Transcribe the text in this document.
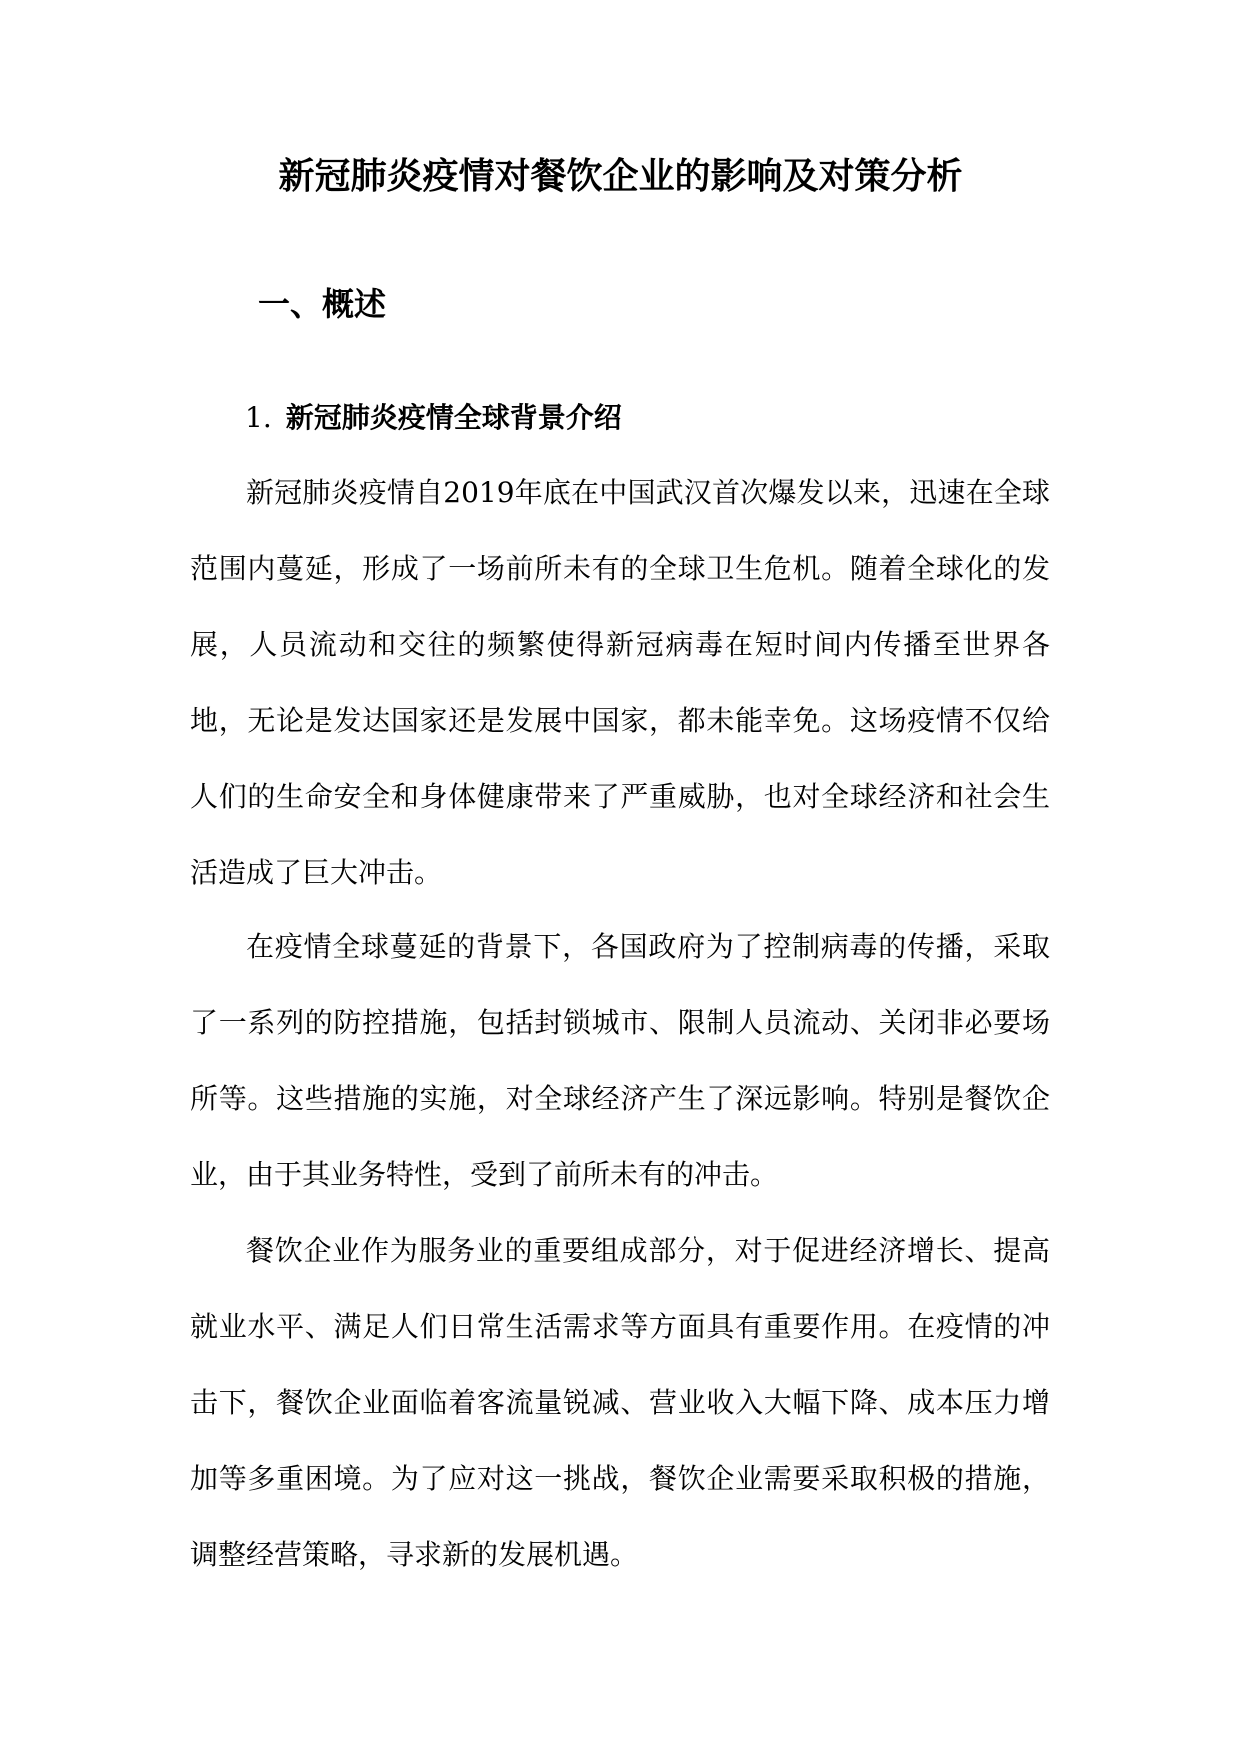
新冠肺炎疫情对餐饮企业的影响及对策分析
一、概述
1. 新冠肺炎疫情全球背景介绍

新冠肺炎疫情自2019年底在中国武汉首次爆发以来，迅速在全球范围内蔓延，形成了一场前所未有的全球卫生危机。随着全球化的发展，人员流动和交往的频繁使得新冠病毒在短时间内传播至世界各地，无论是发达国家还是发展中国家，都未能幸免。这场疫情不仅给人们的生命安全和身体健康带来了严重威胁，也对全球经济和社会生活造成了巨大冲击。

在疫情全球蔓延的背景下，各国政府为了控制病毒的传播，采取了一系列的防控措施，包括封锁城市、限制人员流动、关闭非必要场所等。这些措施的实施，对全球经济产生了深远影响。特别是餐饮企业，由于其业务特性，受到了前所未有的冲击。

餐饮企业作为服务业的重要组成部分，对于促进经济增长、提高就业水平、满足人们日常生活需求等方面具有重要作用。在疫情的冲击下，餐饮企业面临着客流量锐减、营业收入大幅下降、成本压力增加等多重困境。为了应对这一挑战，餐饮企业需要采取积极的措施，调整经营策略，寻求新的发展机遇。
